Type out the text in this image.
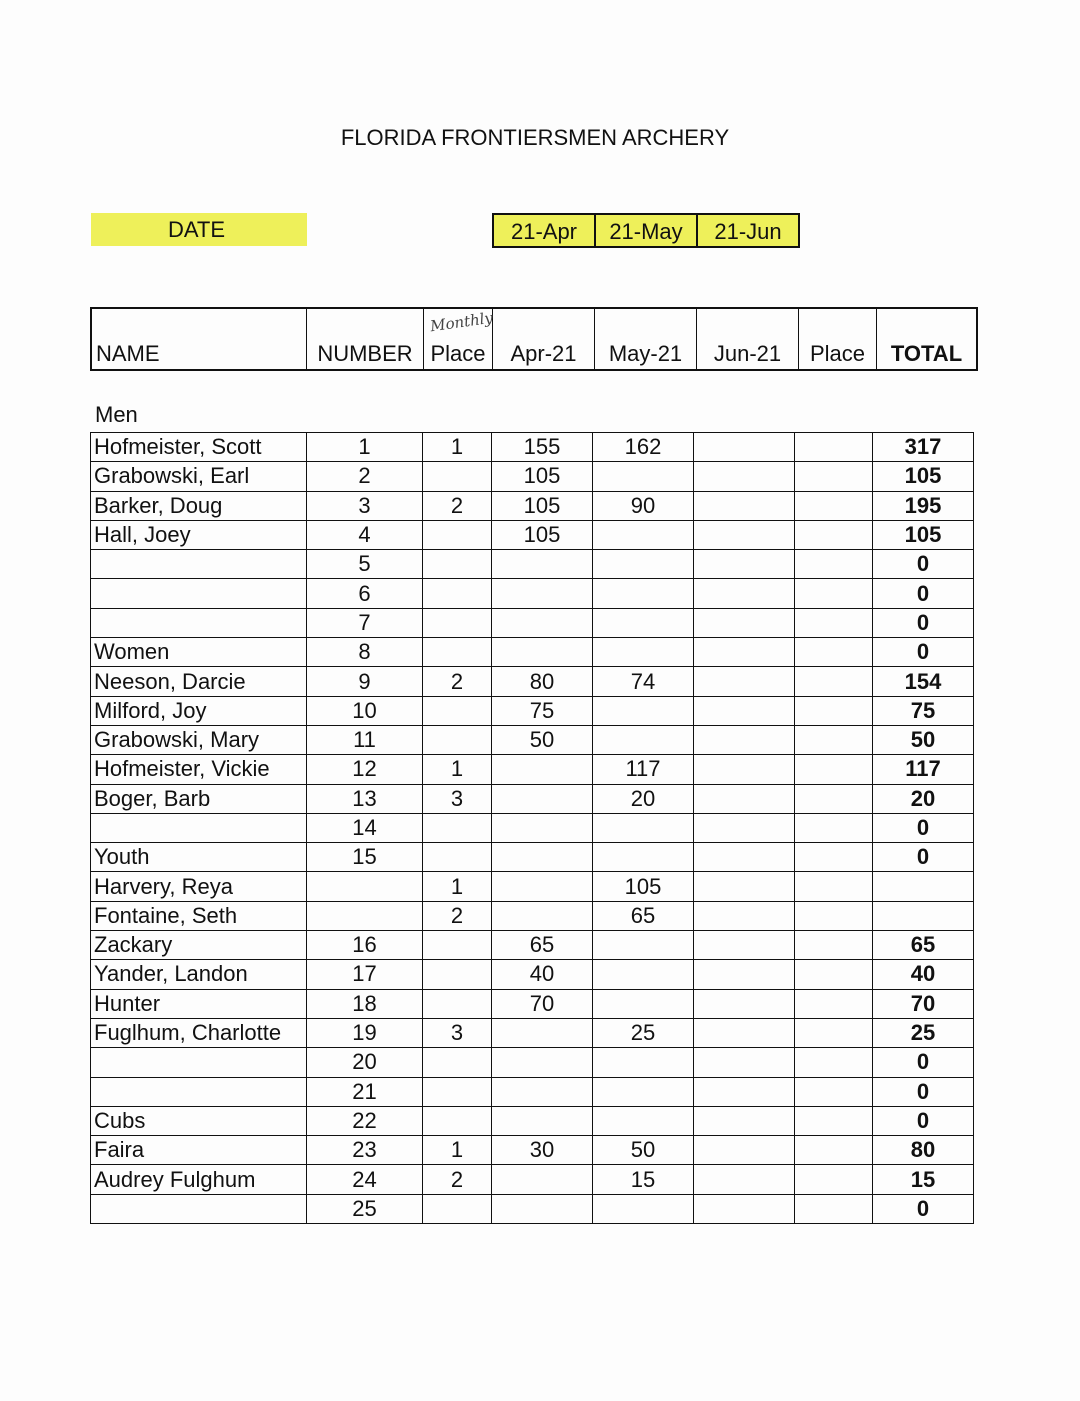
FLORIDA FRONTIERSMEN ARCHERY
DATE	21-Apr	21-May	21-Jun
NAME	NUMBER
Monthly
Place	Apr-21	May-21	Jun-21	Place	TOTAL
Men
Hofmeister, Scott	1	1	155	162			317
Grabowski, Earl	2		105				105
Barker, Doug	3	2	105	90			195
Hall, Joey	4		105				105
	5						0
	6						0
	7						0
Women	8						0
Neeson, Darcie	9	2	80	74			154
Milford, Joy	10		75				75
Grabowski, Mary	11		50				50
Hofmeister, Vickie	12	1		117			117
Boger, Barb	13	3		20			20
	14						0
Youth	15						0
Harvery, Reya		1		105			
Fontaine, Seth		2		65			
Zackary	16		65				65
Yander, Landon	17		40				40
Hunter	18		70				70
Fuglhum, Charlotte	19	3		25			25
	20						0
	21						0
Cubs	22						0
Faira	23	1	30	50			80
Audrey Fulghum	24	2		15			15
	25						0
